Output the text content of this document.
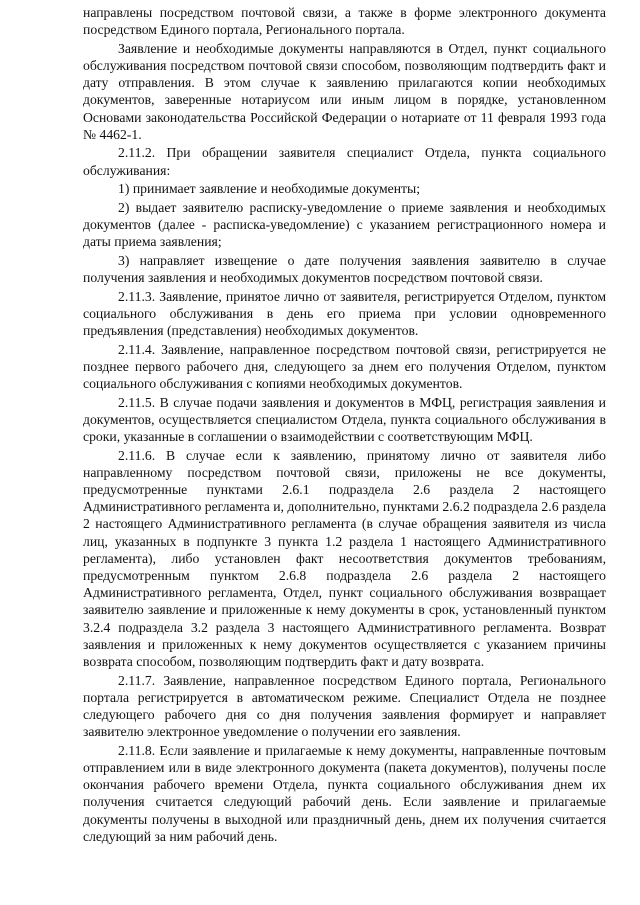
направлены посредством почтовой связи, а также в форме электронного документа посредством Единого портала, Регионального портала.

Заявление и необходимые документы направляются в Отдел, пункт социального обслуживания посредством почтовой связи способом, позволяющим подтвердить факт и дату отправления. В этом случае к заявлению прилагаются копии необходимых документов, заверенные нотариусом или иным лицом в порядке, установленном Основами законодательства Российской Федерации о нотариате от 11 февраля 1993 года № 4462-1.

2.11.2. При обращении заявителя специалист Отдела, пункта социального обслуживания:

1) принимает заявление и необходимые документы;

2) выдает заявителю расписку-уведомление о приеме заявления и необходимых документов (далее - расписка-уведомление) с указанием регистрационного номера и даты приема заявления;

3) направляет извещение о дате получения заявления заявителю в случае получения заявления и необходимых документов посредством почтовой связи.

2.11.3. Заявление, принятое лично от заявителя, регистрируется Отделом, пунктом социального обслуживания в день его приема при условии одновременного предъявления (представления) необходимых документов.

2.11.4. Заявление, направленное посредством почтовой связи, регистрируется не позднее первого рабочего дня, следующего за днем его получения Отделом, пунктом социального обслуживания с копиями необходимых документов.

2.11.5. В случае подачи заявления и документов в МФЦ, регистрация заявления и документов, осуществляется специалистом Отдела, пункта социального обслуживания в сроки, указанные в соглашении о взаимодействии с соответствующим МФЦ.

2.11.6. В случае если к заявлению, принятому лично от заявителя либо направленному посредством почтовой связи, приложены не все документы, предусмотренные пунктами 2.6.1 подраздела 2.6 раздела 2 настоящего Административного регламента и, дополнительно, пунктами 2.6.2 подраздела 2.6 раздела 2 настоящего Административного регламента (в случае обращения заявителя из числа лиц, указанных в подпункте 3 пункта 1.2 раздела 1 настоящего Административного регламента), либо установлен факт несоответствия документов требованиям, предусмотренным пунктом 2.6.8 подраздела 2.6 раздела 2 настоящего Административного регламента, Отдел, пункт социального обслуживания возвращает заявителю заявление и приложенные к нему документы в срок, установленный пунктом 3.2.4 подраздела 3.2 раздела 3 настоящего Административного регламента. Возврат заявления и приложенных к нему документов осуществляется с указанием причины возврата способом, позволяющим подтвердить факт и дату возврата.

2.11.7. Заявление, направленное посредством Единого портала, Регионального портала регистрируется в автоматическом режиме. Специалист Отдела не позднее следующего рабочего дня со дня получения заявления формирует и направляет заявителю электронное уведомление о получении его заявления.

2.11.8. Если заявление и прилагаемые к нему документы, направленные почтовым отправлением или в виде электронного документа (пакета документов), получены после окончания рабочего времени Отдела, пункта социального обслуживания днем их получения считается следующий рабочий день. Если заявление и прилагаемые документы получены в выходной или праздничный день, днем их получения считается следующий за ним рабочий день.
